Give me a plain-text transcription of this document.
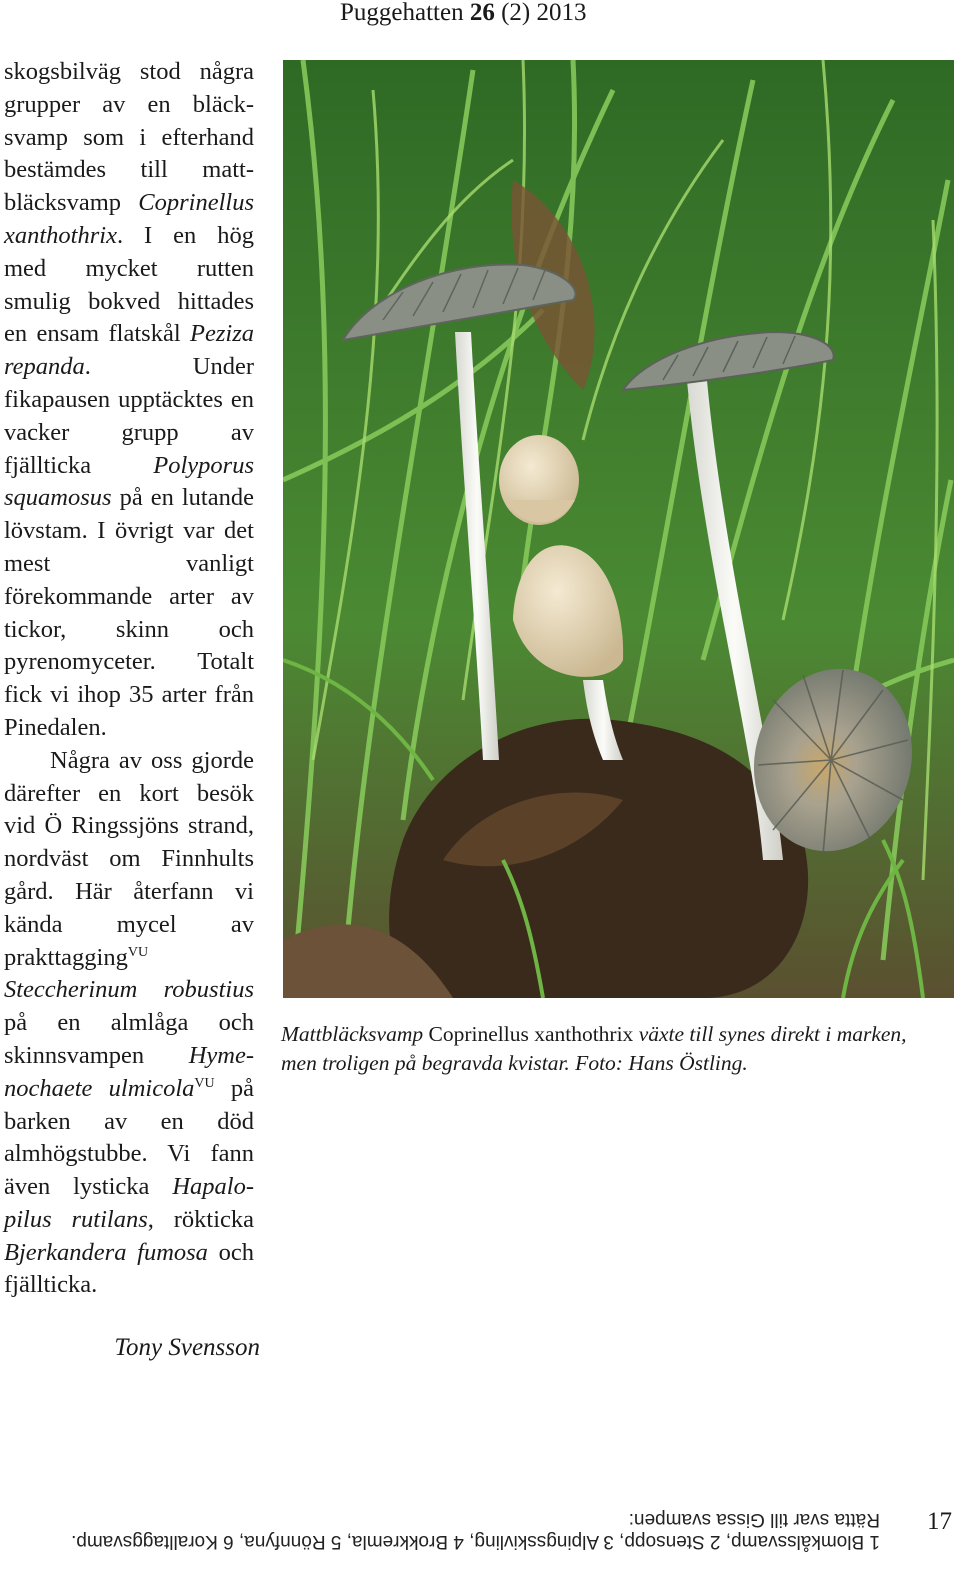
Puggehatten 26 (2) 2013

skogsbilväg stod några grupper av en bläcksvamp som i efterhand bestämdes till mattbläcksvamp Coprinellus xanthothrix. I en hög med mycket rutten smulig bokved hittades en ensam flatskål Peziza repanda. Under fikapausen upptäcktes en vacker grupp av fjällticka Polyporus squamosus på en lutande lövstam. I övrigt var det mest vanligt förekommande arter av tickor, skinn och pyrenomyceter. Totalt fick vi ihop 35 arter från Pinedalen.

Några av oss gjorde därefter en kort besök vid Ö Ringssjöns strand, nordväst om Finnhults gård. Här återfann vi kända mycel av prakttagging$^{VU}$ Steccherinum robustius på en almlåga och skinnsvampen Hymenochaete ulmicola$^{VU}$ på barken av en död almhögstubbe. Vi fann även lysticka Hapalopilus rutilans, rökticka Bjerkandera fumosa och fjällticka.

Tony Svensson
Mattbläcksvamp Coprinellus xanthothrix växte till synes direkt i marken, men troligen på begravda kvistar. Foto: Hans Östling.
1 Blomkålssvamp, 2 Stensopp, 3 Alpingsskivling, 4 Brokkremla, 5 Rönnfyna, 6 Koralltaggsvamp.
Rätta svar till Gissa svampen:	17
